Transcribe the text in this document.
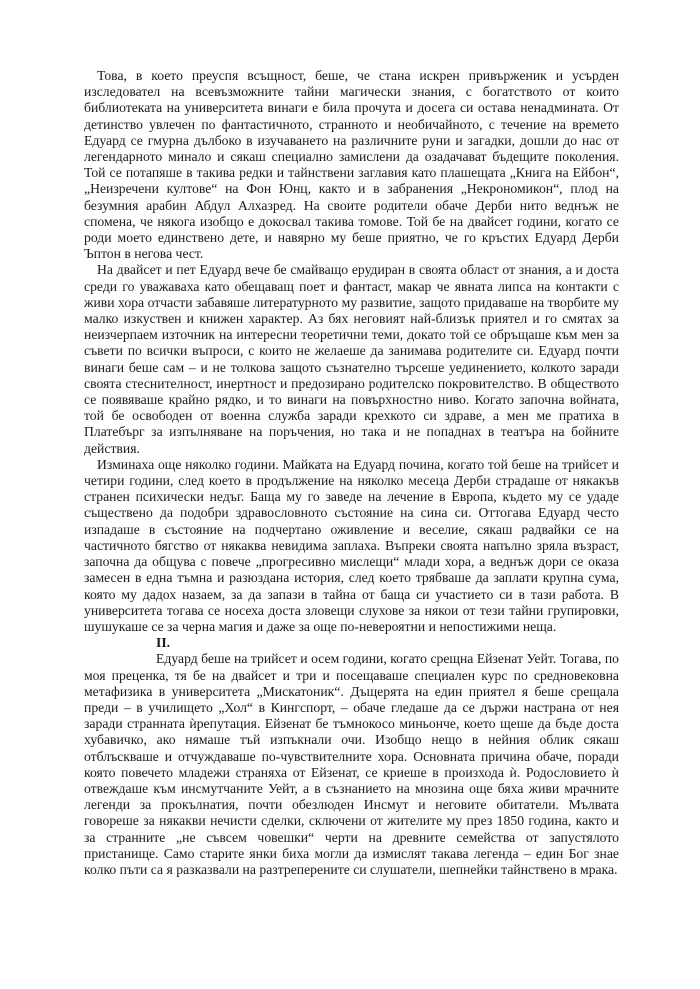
Това, в което преуспя всъщност, беше, че стана искрен привърженик и усърден изследовател на всевъзможните тайни магически знания, с богатството от които библиотеката на университета винаги е била прочута и досега си остава ненадмината. От детинство увлечен по фантастичното, странното и необичайното, с течение на времето Едуард се гмурна дълбоко в изучаването на различните руни и загадки, дошли до нас от легендарното минало и сякаш специално замислени да озадачават бъдещите поколения. Той се потапяше в такива редки и тайнствени заглавия като плашещата „Книга на Ейбон“, „Неизречени култове“ на Фон Юнц, както и в забранения „Некрономикон“, плод на безумния арабин Абдул Алхазред. На своите родители обаче Дерби нито веднъж не спомена, че някога изобщо е докосвал такива томове. Той бе на двайсет години, когато се роди моето единствено дете, и навярно му беше приятно, че го кръстих Едуард Дерби Ъптон в негова чест.

На двайсет и пет Едуард вече бе смайващо ерудиран в своята област от знания, а и доста среди го уважаваха като обещаващ поет и фантаст, макар че явната липса на контакти с живи хора отчасти забавяше литературното му развитие, защото придаваше на творбите му малко изкуствен и книжен характер. Аз бях неговият най-близък приятел и го смятах за неизчерпаем източник на интересни теоретични теми, докато той се обръщаше към мен за съвети по всички въпроси, с които не желаеше да занимава родителите си. Едуард почти винаги беше сам – и не толкова защото съзнателно търсеше уединението, колкото заради своята стеснителност, инертност и предозирано родителско покровителство. В обществото се появяваше крайно рядко, и то винаги на повърхностно ниво. Когато започна войната, той бе освободен от военна служба заради крехкото си здраве, а мен ме пратиха в Платебърг за изпълняване на поръчения, но така и не попаднах в театъра на бойните действия.

Изминаха още няколко години. Майката на Едуард почина, когато той беше на трийсет и четири години, след което в продължение на няколко месеца Дерби страдаше от някакъв странен психически недъг. Баща му го заведе на лечение в Европа, където му се удаде съществено да подобри здравословното състояние на сина си. Оттогава Едуард често изпадаше в състояние на подчертано оживление и веселие, сякаш радвайки се на частичното бягство от някаква невидима заплаха. Въпреки своята напълно зряла възраст, започна да общува с повече „прогресивно мислещи“ млади хора, а веднъж дори се оказа замесен в една тъмна и разюздана история, след което трябваше да заплати крупна сума, която му дадох назаем, за да запази в тайна от баща си участието си в тази работа. В университета тогава се носеха доста зловещи слухове за някои от тези тайни групировки, шушукаше се за черна магия и даже за още по-невероятни и непостижими неща.

II.

Едуард беше на трийсет и осем години, когато срещна Ейзенат Уейт. Тогава, по моя преценка, тя бе на двайсет и три и посещаваше специален курс по средновековна метафизика в университета „Мискатоник“. Дъщерята на един приятел я беше срещала преди – в училището „Хол“ в Кингспорт, – обаче гледаше да се държи настрана от нея заради странната ѝрепутация. Ейзенат бе тъмнокосо миньонче, което щеше да бъде доста хубавичко, ако нямаше тъй изпъкнали очи. Изобщо нещо в нейния облик сякаш отблъскваше и отчуждаваше по-чувствителните хора. Основната причина обаче, поради която повечето младежи страняха от Ейзенат, се криеше в произхода ѝ. Родословието ѝ отвеждаше към инсмутчаните Уейт, а в съзнанието на мнозина още бяха живи мрачните легенди за прокълнатия, почти обезлюден Инсмут и неговите обитатели. Мълвата говореше за някакви нечисти сделки, сключени от жителите му през 1850 година, както и за странните „не съвсем човешки“ черти на древните семейства от запустялото пристанище. Само старите янки биха могли да измислят такава легенда – един Бог знае колко пъти са я разказвали на разтреперените си слушатели, шепнейки тайнствено в мрака.
